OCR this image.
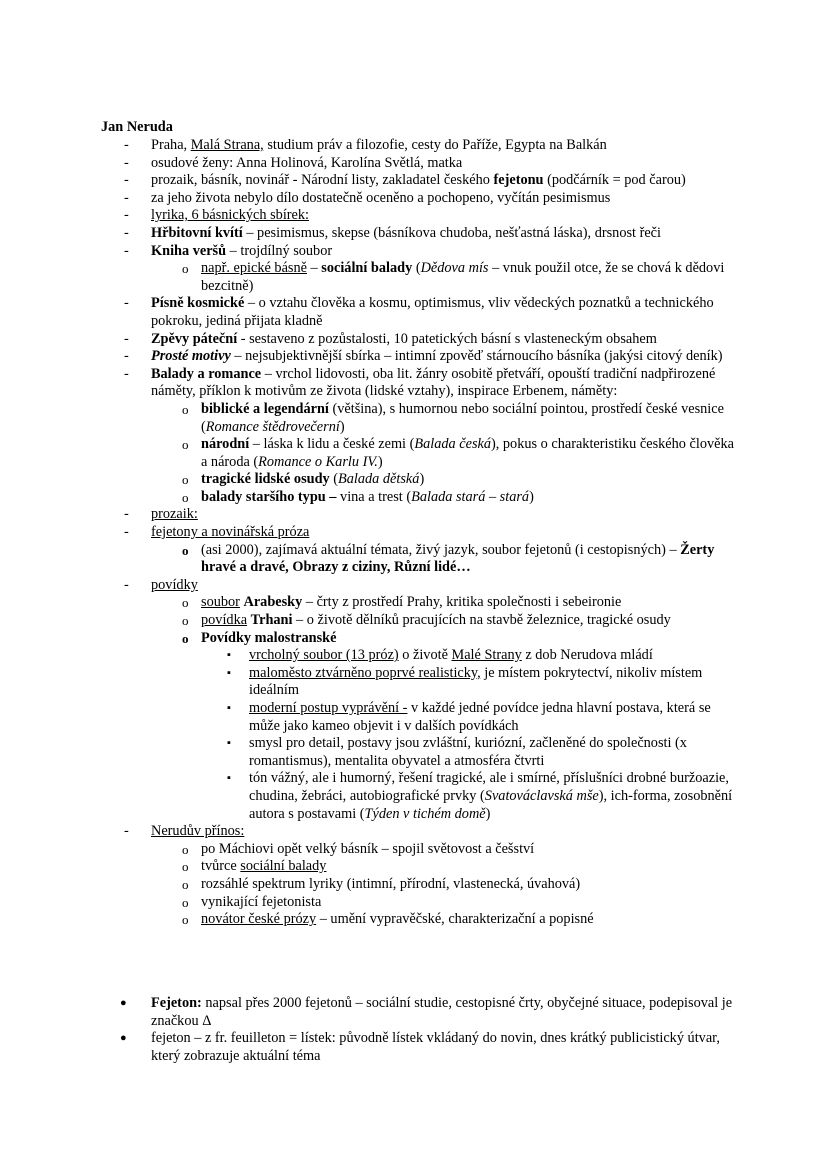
Jan Neruda
- Praha, Malá Strana, studium práv a filozofie, cesty do Paříže, Egypta na Balkán
- osudové ženy: Anna Holinová, Karolína Světlá, matka
- prozaik, básník, novinář - Národní listy, zakladatel českého fejetonu (podčárník = pod čarou)
- za jeho života nebylo dílo dostatečně oceněno a pochopeno, vyčítán pesimismus
- lyrika, 6 básnických sbírek:
- Hřbitovní kvítí – pesimismus, skepse (básníkova chudoba, nešťastná láska), drsnost řeči
- Kniha veršů – trojdílný soubor
o např. epické básně – sociální balady (Dědova mís – vnuk použil otce, že se chová k dědovi bezcitně)
- Písně kosmické – o vztahu člověka a kosmu, optimismus, vliv vědeckých poznatků a technického pokroku, jediná přijata kladně
- Zpěvy páteční - sestaveno z pozůstalosti, 10 patetických básní s vlasteneckým obsahem
- Prosté motivy – nejsubjektivnější sbírka – intimní zpověď stárnoucího básníka (jakýsi citový deník)
- Balady a romance – vrchol lidovosti, oba lit. žánry osobitě přetváří, opouští tradiční nadpřirozené náměty, příklon k motivům ze života (lidské vztahy), inspirace Erbenem, náměty:
o biblické a legendární (většina), s humornou nebo sociální pointou, prostředí české vesnice (Romance štědrovečerní)
o národní – láska k lidu a české zemi (Balada česká), pokus o charakteristiku českého člověka a národa (Romance o Karlu IV.)
o tragické lidské osudy (Balada dětská)
o balady staršího typu – vina a trest (Balada stará – stará)
- prozaik:
- fejetony a novinářská próza
o (asi 2000), zajímavá aktuální témata, živý jazyk, soubor fejetonů (i cestopisných) – Žerty hravé a dravé, Obrazy z ciziny, Různí lidé…
- povídky
o soubor Arabesky – črty z prostředí Prahy, kritika společnosti i sebeironie
o povídka Trhani – o životě dělníků pracujících na stavbě železnice, tragické osudy
o Povídky malostranské
▪ vrcholný soubor (13 próz) o životě Malé Strany z dob Nerudova mládí
▪ maloměsto ztvárněno poprvé realisticky, je místem pokrytectví, nikoliv místem ideálním
▪ moderní postup vyprávění - v každé jedné povídce jedna hlavní postava, která se může jako kameo objevit i v dalších povídkách
▪ smysl pro detail, postavy jsou zvláštní, kuriózní, začleněné do společnosti (x romantismus), mentalita obyvatel a atmosféra čtvrti
▪ tón vážný, ale i humorný, řešení tragické, ale i smírné, příslušníci drobné buržoazie, chudina, žebráci, autobiografické prvky (Svatováclavská mše), ich-forma, zosobnění autora s postavami (Týden v tichém domě)
- Nerudův přínos:
o po Máchiovi opět velký básník – spojil světovost a češství
o tvůrce sociální balady
o rozsáhlé spektrum lyriky (intimní, přírodní, vlastenecká, úvahová)
o vynikající fejetonista
o novátor české prózy – umění vypravěčské, charakterizační a popisné
● Fejeton: napsal přes 2000 fejetonů – sociální studie, cestopisné črty, obyčejné situace, podepisoval je značkou Δ
● fejeton – z fr. feuilleton = lístek: původně lístek vkládaný do novin, dnes krátký publicistický útvar, který zobrazuje aktuální téma
